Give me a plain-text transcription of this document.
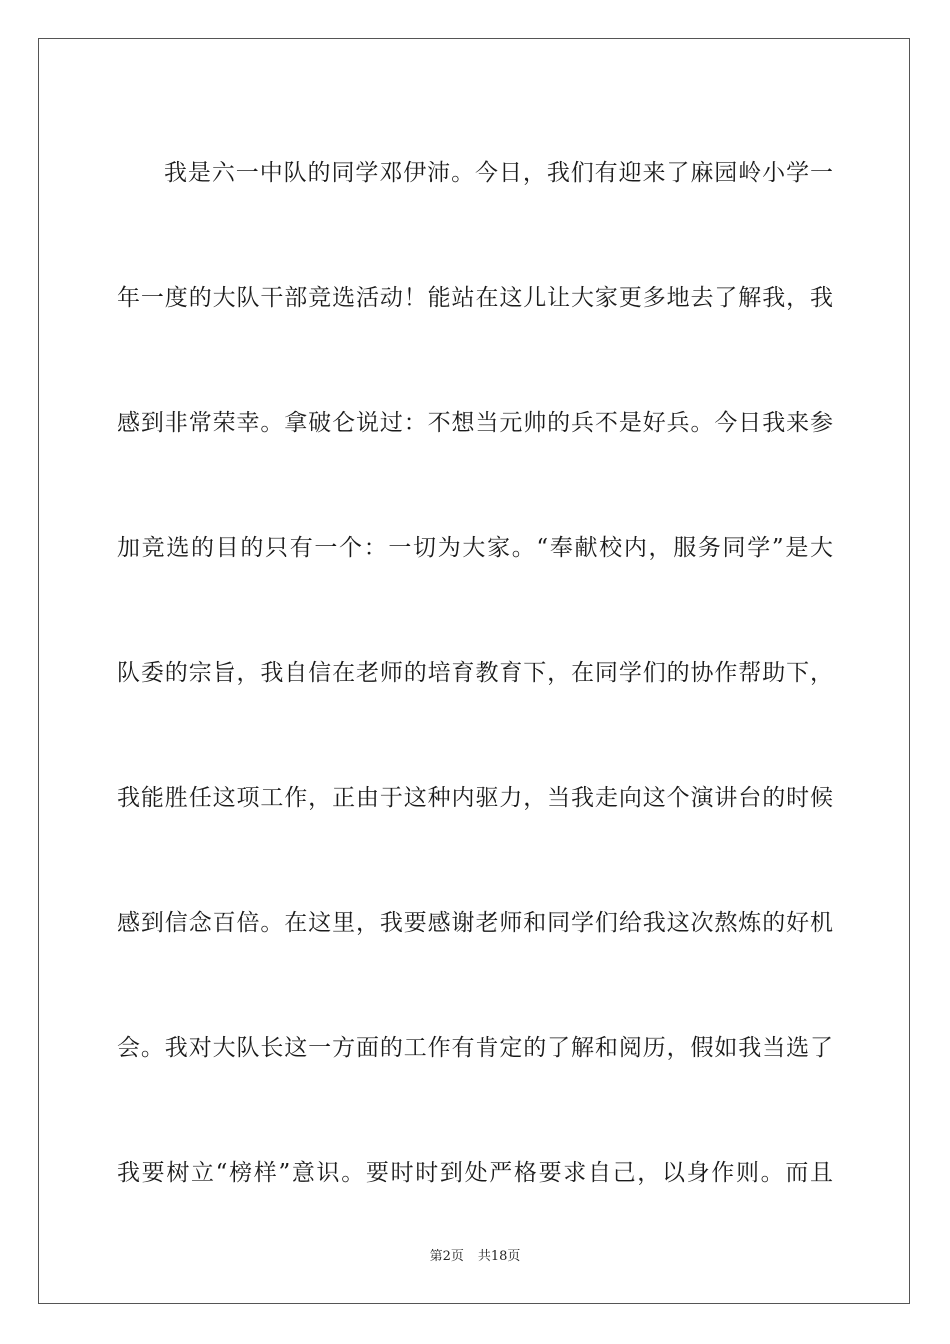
我是六一中队的同学邓伊沛。今日，我们有迎来了麻园岭小学一

年一度的大队干部竞选活动！能站在这儿让大家更多地去了解我，我

感到非常荣幸。拿破仑说过：不想当元帅的兵不是好兵。今日我来参

加竞选的目的只有一个：一切为大家。“奉献校内，服务同学”是大

队委的宗旨，我自信在老师的培育教育下，在同学们的协作帮助下，

我能胜任这项工作，正由于这种内驱力，当我走向这个演讲台的时候

感到信念百倍。在这里，我要感谢老师和同学们给我这次熬炼的好机

会。我对大队长这一方面的工作有肯定的了解和阅历，假如我当选了

我要树立“榜样”意识。要时时到处严格要求自己，以身作则。而且

第2页 共18页
